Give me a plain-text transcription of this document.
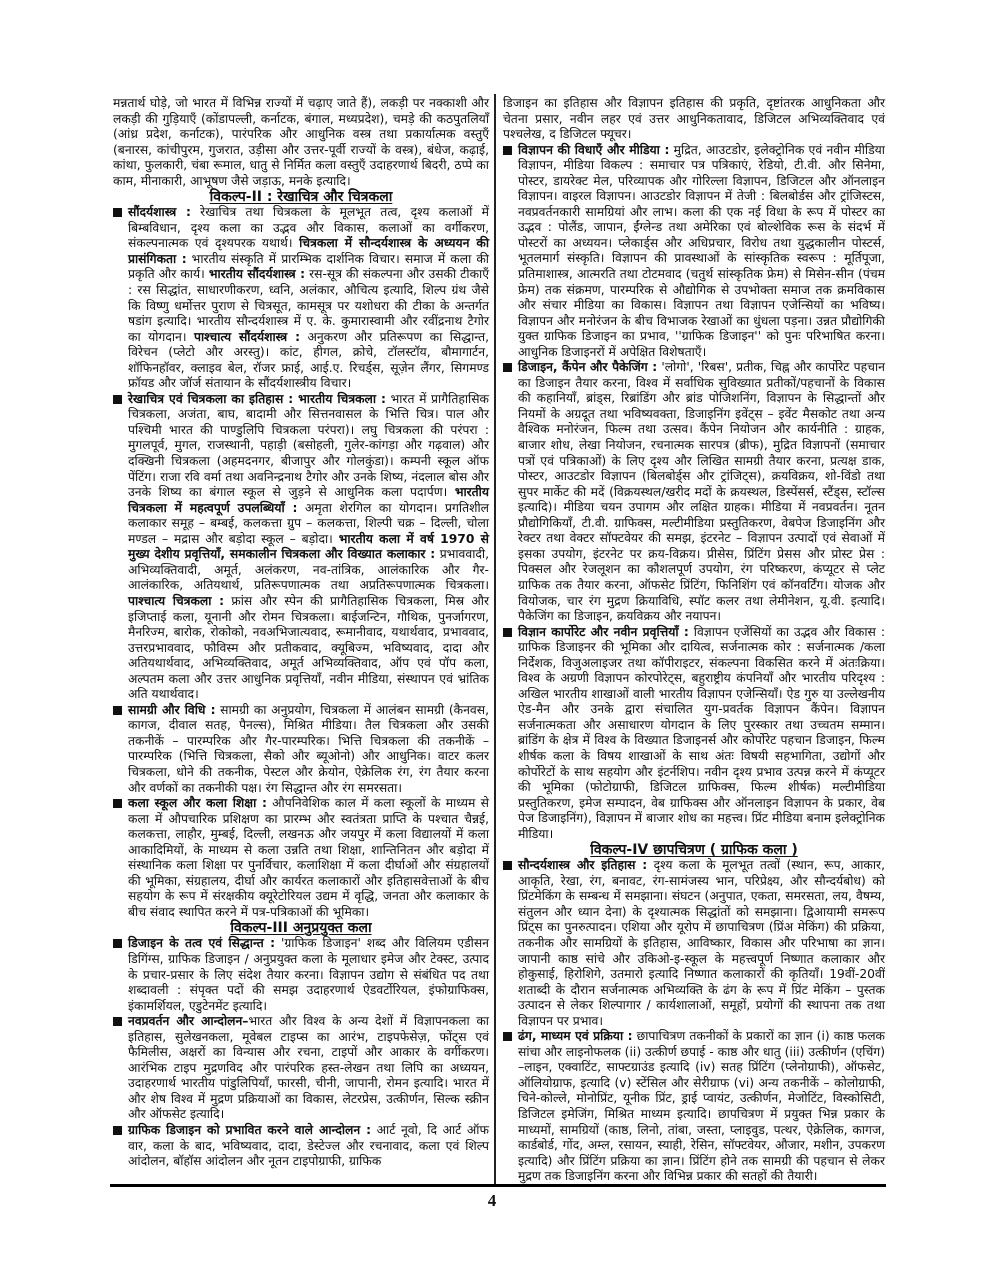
मन्नतार्थ घोड़े, जो भारत में विभिन्न राज्यों में चढ़ाए जाते हैं), लकड़ी पर नक्काशी और लकड़ी की गुड़ियाएँ (कोंडापल्ली, कर्नाटक, बंगाल, मध्यप्रदेश), चमड़े की कठपुतलियाँ (आंध्र प्रदेश, कर्नाटक), पारंपरिक और आधुनिक वस्त्र तथा प्रकार्यात्मक वस्तुएँ (बनारस, कांचीपुरम, गुजरात, उड़ीसा और उत्तर-पूर्वी राज्यों के वस्त्र), बंधेज, कढ़ाई, कांथा, फुलकारी, चंबा रूमाल, धातु से निर्मित कला वस्तुएँ उदाहरणार्थ बिदरी, ठप्पे का काम, मीनाकारी, आभूषण जैसे जड़ाऊ, मनके इत्यादि।
विकल्प-II : रेखाचित्र और चित्रकला
सौंदर्यशास्त्र : रेखाचित्र तथा चित्रकला के मूलभूत तत्व, दृश्य कलाओं में बिम्बविधान, दृश्य कला का उद्भव और विकास, कलाओं का वर्गीकरण, संकल्पनात्मक एवं दृश्यपरक यथार्थ। चित्रकला में सौन्दर्यशास्त्र के अध्ययन की प्रासंगिकता : भारतीय संस्कृति में प्रारम्भिक दार्शनिक विचार। समाज में कला की प्रकृति और कार्य। भारतीय सौंदर्यशास्त्र : रस-सूत्र की संकल्पना और उसकी टीकाएँ : रस सिद्धांत, साधारणीकरण, ध्वनि, अलंकार, औचित्य इत्यादि, शिल्प ग्रंथ जैसे कि विष्णु धर्मोत्तर पुराण से चित्रसूत, कामसूत्र पर यशोधरा की टीका के अन्तर्गत षडांग इत्यादि। भारतीय सौन्दर्यशास्त्र में ए. के. कुमारास्वामी और रवींद्रनाथ टैगोर का योगदान। पाश्चात्य सौंदर्यशास्त्र : अनुकरण और प्रतिरूपण का सिद्धान्त, विरेचन (प्लेटो और अरस्तु)। कांट, हीगल, क्रोचे, टॉलस्टॉय, बौमागार्टन, शॉफिनहॉवर, क्लाइव बेल, रॉजर फ्राई, आई.ए. रिचर्ड्स, सूज़ेन लैंगर, सिगमण्ड फ्रॉयड और जॉर्ज संतायान के सौंदर्यशास्त्रीय विचार।
रेखाचित्र एवं चित्रकला का इतिहास : भारतीय चित्रकला : भारत में प्रागैतिहासिक चित्रकला, अजंता, बाघ, बादामी और सित्तनवासल के भित्ति चित्र। पाल और पश्चिमी भारत की पाण्डुलिपि चित्रकला परंपरा)। लघु चित्रकला की परंपरा : मुगलपूर्व, मुगल, राजस्थानी, पहाड़ी (बसोहली, गुलेर-कांगड़ा और गढ़वाल) और दक्खिनी चित्रकला (अहमदनगर, बीजापुर और गोलकुंडा)। कम्पनी स्कूल ऑफ पेंटिंग। राजा रवि वर्मा तथा अवनिन्द्रनाथ टैगोर और उनके शिष्य, नंदलाल बोस और उनके शिष्य का बंगाल स्कूल से जुड़ने से आधुनिक कला पदार्पण। भारतीय चित्रकला में महत्वपूर्ण उपलब्धियाँ : अमृता शेरगिल का योगदान। प्रगतिशील कलाकार समूह – बम्बई, कलकत्ता ग्रुप – कलकत्ता, शिल्पी चक्र – दिल्ली, चोला मण्डल – मद्रास और बड़ोदा स्कूल – बड़ोदा। भारतीय कला में वर्ष 1970 से मुख्य देशीय प्रवृत्तियाँ, समकालीन चित्रकला और विख्यात कलाकार : प्रभाववादी, अभिव्यक्तिवादी, अमूर्त, अलंकरण, नव-तांत्रिक, आलंकारिक और गैर-आलंकारिक, अतियथार्थ, प्रतिरूपणात्मक तथा अप्रतिरूपणात्मक चित्रकला। पाश्चात्य चित्रकला : फ्रांस और स्पेन की प्रागैतिहासिक चित्रकला, मिस्र और इजिप्ताई कला, यूनानी और रोमन चित्रकला। बाईजन्टिन, गौथिक, पुनर्जागरण, मैनरिज्म, बारोक, रोकोको, नवअभिजात्यवाद, रूमानीवाद, यथार्थवाद, प्रभाववाद, उत्तरप्रभाववाद, फौविस्म और प्रतीकवाद, क्यूबिज्म, भविष्यवाद, दादा और अतियथार्थवाद, अभिव्यक्तिवाद, अमूर्त अभिव्यक्तिवाद, ऑप एवं पॉप कला, अल्पतम कला और उत्तर आधुनिक प्रवृत्तियाँ, नवीन मीडिया, संस्थापन एवं भ्रांतिक अति यथार्थवाद।
सामग्री और विधि : सामग्री का अनुप्रयोग, चित्रकला में आलंबन सामग्री (कैनवस, कागज, दीवाल सतह, पैनल्स), मिश्रित मीडिया। तैल चित्रकला और उसकी तकनीकें – पारम्परिक और गैर-पारम्परिक। भित्ति चित्रकला की तकनीकें – पारम्परिक (भित्ति चित्रकला, सैको और ब्यूओनो) और आधुनिक। वाटर कलर चित्रकला, धोने की तकनीक, पेस्टल और क्रेयोन, ऐक्रेलिक रंग, रंग तैयार करना और वर्णकों का तकनीकी पक्ष। रंग सिद्धान्त और रंग समरसता।
कला स्कूल और कला शिक्षा : औपनिवेशिक काल में कला स्कूलों के माध्यम से कला में औपचारिक प्रशिक्षण का प्रारम्भ और स्वतंत्रता प्राप्ति के पश्चात चैन्नई, कलकत्ता, लाहौर, मुम्बई, दिल्ली, लखनऊ और जयपुर में कला विद्यालयों में कला आकादिमियों, के माध्यम से कला उन्नति तथा शिक्षा, शान्तिनितन और बड़ोदा में संस्थानिक कला शिक्षा पर पुनर्विचार, कलाशिक्षा में कला दीर्घाओं और संग्रहालयों की भूमिका, संग्रहालय, दीर्घा और कार्यरत कलाकारों और इतिहासवेत्ताओं के बीच सहयोग के रूप में संरक्षकीय क्यूरेटोरियल उद्यम में वृद्धि, जनता और कलाकार के बीच संवाद स्थापित करने में पत्र-पत्रिकाओं की भूमिका।
विकल्प-III अनुप्रयुक्त कला
डिजाइन के तत्व एवं सिद्धान्त : 'ग्राफिक डिजाइन' शब्द और विलियम एडीसन डिगिंग्स, ग्राफिक डिजाइन / अनुप्रयुक्त कला के मूलाधार इमेज और टेक्स्ट, उत्पाद के प्रचार-प्रसार के लिए संदेश तैयार करना। विज्ञापन उद्योग से संबंधित पद तथा शब्दावली : संपृक्त पदों की समझ उदाहरणार्थ ऐडवर्टोरियल, इंफोग्राफिक्स, इंकामर्शियल, एडुटेनमेंट इत्यादि।
नवप्रवर्तन और आन्दोलन–भारत और विश्व के अन्य देशों में विज्ञापनकला का इतिहास, सुलेखनकला, मूवेबल टाइप्स का आरंभ, टाइपफेसेज़, फोंट्स एवं फैमिलीस, अक्षरों का विन्यास और रचना, टाइपों और आकार के वर्गीकरण। आरंभिक टाइप मुद्रणविद और पारंपरिक हस्त-लेखन तथा लिपि का अध्ययन, उदाहरणार्थ भारतीय पांडुलिपियाँ, फारसी, चीनी, जापानी, रोमन इत्यादि। भारत में और शेष विश्व में मुद्रण प्रक्रियाओं का विकास, लेटरप्रेस, उत्कीर्णन, सिल्क स्क्रीन और ऑफसेट इत्यादि।
ग्राफिक डिजाइन को प्रभावित करने वाले आन्दोलन : आर्ट नूवो, दि आर्ट ऑफ वार, कला के बाद, भविष्यवाद, दादा, डेस्टेज्ल और रचनावाद, कला एवं शिल्प आंदोलन, बॉहॉस आंदोलन और नूतन टाइपोग्राफी, ग्राफिक
डिजाइन का इतिहास और विज्ञापन इतिहास की प्रकृति, दृष्टांतरक आधुनिकता और चेतना प्रसार, नवीन लहर एवं उत्तर आधुनिकतावाद, डिजिटल अभिव्यक्तिवाद एवं पश्चलेख, द डिजिटल फ्यूचर।
विज्ञापन की विधाएँ और मीडिया : मुद्रित, आउटडोर, इलेक्ट्रोनिक एवं नवीन मीडिया विज्ञापन, मीडिया विकल्प : समाचार पत्र पत्रिकाएं, रेडियो, टी.वी. और सिनेमा, पोस्टर, डायरेक्ट मेल, परिव्यापक और गोरिल्ला विज्ञापन, डिजिटल और ऑनलाइन विज्ञापन। वाइरल विज्ञापन। आउटडोर विज्ञापन में तेजी : बिलबोर्डस और ट्रांजिस्टस, नवप्रवर्तनकारी सामग्रियां और लाभ। कला की एक नई विधा के रूप में पोस्टर का उद्भव : पोलैंड, जापान, ईंग्लेन्ड तथा अमेरिका एवं बोल्शेविक रूस के संदर्भ में पोस्टरों का अध्ययन। प्लेकार्ड्स और अधिप्रचार, विरोध तथा युद्धकालीन पोस्टर्स, भूतलमार्ग संस्कृति। विज्ञापन की प्रावस्थाओं के सांस्कृतिक स्वरूप : मूर्तिपूजा, प्रतिमाशास्त्र, आत्मरति तथा टोटमवाद (चतुर्थ सांस्कृतिक फ्रेम) से मिसेन-सीन (पंचम फ्रेम) तक संक्रमण, पारम्परिक से औद्योगिक से उपभोक्ता समाज तक क्रमविकास और संचार मीडिया का विकास। विज्ञापन तथा विज्ञापन एजेन्सियों का भविष्य। विज्ञापन और मनोरंजन के बीच विभाजक रेखाओं का धुंधला पड़ना। उन्नत प्रौद्योगिकी युक्त ग्राफिक डिजाइन का प्रभाव, ''ग्राफिक डिजाइन'' को पुनः परिभाषित करना। आधुनिक डिजाइनरों में अपेक्षित विशेषताएँ।
डिजाइन, कैंपेन और पैकेजिंग : 'लोगो', 'रिबस', प्रतीक, चिह्न और कार्पोरेट पहचान का डिजाइन तैयार करना, विश्व में सर्वाधिक सुविख्यात प्रतीकों/पहचानों के विकास की कहानियाँ, ब्रांड्स, रिब्रांडिंग और ब्रांड पोजिशनिंग, विज्ञापन के सिद्धान्तों और नियमों के अग्रदूत तथा भविष्यवक्ता, डिजाइनिंग इवेंट्स – इवेंट मैसकोट तथा अन्य वैश्विक मनोरंजन, फिल्म तथा उत्सव। कैंपेन नियोजन और कार्यनीति : ग्राहक, बाजार शोध, लेखा नियोजन, रचनात्मक सारपत्र (ब्रीफ), मुद्रित विज्ञापनों (समाचार पत्रों एवं पत्रिकाओं) के लिए दृश्य और लिखित सामग्री तैयार करना, प्रत्यक्ष डाक, पोस्टर, आउटडोर विज्ञापन (बिलबोर्ड्स और ट्रांजिट्स), क्रयविक्रय, शो-विंडो तथा सुपर मार्केट की मदें (विक्रयस्थल/खरीद मदों के क्रयस्थल, डिस्पेंसर्स, स्टैंड्स, स्टॉल्स इत्यादि)। मीडिया चयन उपागम और लक्षित ग्राहक। मीडिया में नवप्रवर्तन। नूतन प्रौद्योगिकियाँ, टी.वी. ग्राफिक्स, मल्टीमीडिया प्रस्तुतिकरण, वेबपेज डिजाइनिंग और रेक्टर तथा वेक्टर सॉफ्टवेयर की समझ, इंटरनेट – विज्ञापन उत्पादों एवं सेवाओं में इसका उपयोग, इंटरनेट पर क्रय-विक्रय। प्रीसेस, प्रिंटिंग प्रेसस और प्रोस्ट प्रेस : पिक्सल और रेजलूशन का कौशलपूर्ण उपयोग, रंग परिष्करण, कंप्यूटर से प्लेट ग्राफिक तक तैयार करना, ऑफसेट प्रिंटिंग, फिनिशिंग एवं कॉनवर्टिंग। योजक और वियोजक, चार रंग मुद्रण क्रियाविधि, स्पॉट कलर तथा लेमीनेशन, यू.वी. इत्यादि। पैकेजिंग का डिजाइन, क्रयविक्रय और नयापन।
विज्ञान कार्पोरेट और नवीन प्रवृत्तियाँ : विज्ञापन एजेंसियों का उद्भव और विकास : ग्राफिक डिजाइनर की भूमिका और दायित्व, सर्जनात्मक कोर : सर्जनात्मक /कला निर्देशक, विजुअलाइजर तथा कॉपीराइटर, संकल्पना विकसित करने में अंतःक्रिया। विश्व के अग्रणी विज्ञापन कोरपोरेट्स, बहुराष्ट्रीय कंपनियाँ और भारतीय परिदृश्य : अखिल भारतीय शाखाओं वाली भारतीय विज्ञापन एजेन्सियाँ। ऐड गुरु या उल्लेखनीय ऐड-मैन और उनके द्वारा संचालित युग-प्रवर्तक विज्ञापन कैंपेन। विज्ञापन सर्जनात्मकता और असाधारण योगदान के लिए पुरस्कार तथा उच्चतम सम्मान। ब्रांडिंग के क्षेत्र में विश्व के विख्यात डिजाइनर्स और कोर्पोरेट पहचान डिजाइन, फिल्म शीर्षक कला के विषय शाखाओं के साथ अंतः विषयी सहभागिता, उद्योगों और कोर्पोरेटों के साथ सहयोग और इंटर्नशिप। नवीन दृश्य प्रभाव उत्पन्न करने में कंप्यूटर की भूमिका (फोटोग्राफी, डिजिटल ग्राफिक्स, फिल्म शीर्षक) मल्टीमीडिया प्रस्तुतिकरण, इमेज सम्पादन, वेब ग्राफिक्स और ऑनलाइन विज्ञापन के प्रकार, वेब पेज डिजाइनिंग), विज्ञापन में बाजार शोध का महत्त्व। प्रिंट मीडिया बनाम इलेक्ट्रोनिक मीडिया।
विकल्प-IV छापचित्रण ( ग्राफिक कला )
सौन्दर्यशास्त्र और इतिहास : दृश्य कला के मूलभूत तत्वों (स्थान, रूप, आकार, आकृति, रेखा, रंग, बनावट, रंग-सामंजस्य भान, परिप्रेक्ष्य, और सौन्दर्यबोध) को प्रिंटमेकिंग के सम्बन्ध में समझाना। संघटन (अनुपात, एकता, समरसता, लय, वैषम्य, संतुलन और ध्यान देना) के दृश्यात्मक सिद्धांतों को समझाना। द्विआयामी समरूप प्रिंट्स का पुनरुत्पादन। एशिया और यूरोप में छापाचित्रण (प्रिंअ मेकिंग) की प्रक्रिया, तकनीक और सामग्रियों के इतिहास, आविष्कार, विकास और परिभाषा का ज्ञान। जापानी काष्ठ सांचे और उकिओ-इ-स्कूल के महत्त्वपूर्ण निष्णात कलाकार और होकुसाई, हिरोशिगे, उतमारो इत्यादि निष्णात कलाकारों की कृतियाँ। 19वीं-20वीं शताब्दी के दौरान सर्जनात्मक अभिव्यक्ति के ढंग के रूप में प्रिंट मेकिंग – पुस्तक उत्पादन से लेकर शिल्पागार / कार्यशालाओं, समूहों, प्रयोगों की स्थापना तक तथा विज्ञापन पर प्रभाव।
ढंग, माध्यम एवं प्रक्रिया : छापाचित्रण तकनीकों के प्रकारों का ज्ञान (i) काष्ठ फलक सांचा और लाइनोफलक (ii) उत्कीर्ण छपाई - काष्ठ और धातु (iii) उत्कीर्णन (एचिंग) –लाइन, एक्वाटिंट, साफ्टग्राउंड इत्यादि (iv) सतह प्रिंटिंग (प्लेनोग्राफी), ऑफसेट, ऑलियोग्राफ, इत्यादि (v) स्टेंसिल और सेरीग्राफ (vi) अन्य तकनीकें – कोलोग्राफी, चिने-कोल्ले, मोनोप्रिंट, यूनीक प्रिंट, ड्राई प्वायंट, उत्कीर्णन, मेजोटिंट, विस्कोसिटी, डिजिटल इमेजिंग, मिश्रित माध्यम इत्यादि। छापचित्रण में प्रयुक्त भिन्न प्रकार के माध्यमों, सामग्रियों (काष्ठ, लिनो, तांबा, जस्ता, प्लाइवुड, पत्थर, ऐक्रेलिक, कागज, कार्डबोर्ड, गोंद, अम्ल, रसायन, स्याही, रेसिन, सॉफ्टवेयर, औजार, मशीन, उपकरण इत्यादि) और प्रिंटिंग प्रक्रिया का ज्ञान। प्रिंटिंग होने तक सामग्री की पहचान से लेकर मुद्रण तक डिजाइनिंग करना और विभिन्न प्रकार की सतहों की तैयारी।
4
